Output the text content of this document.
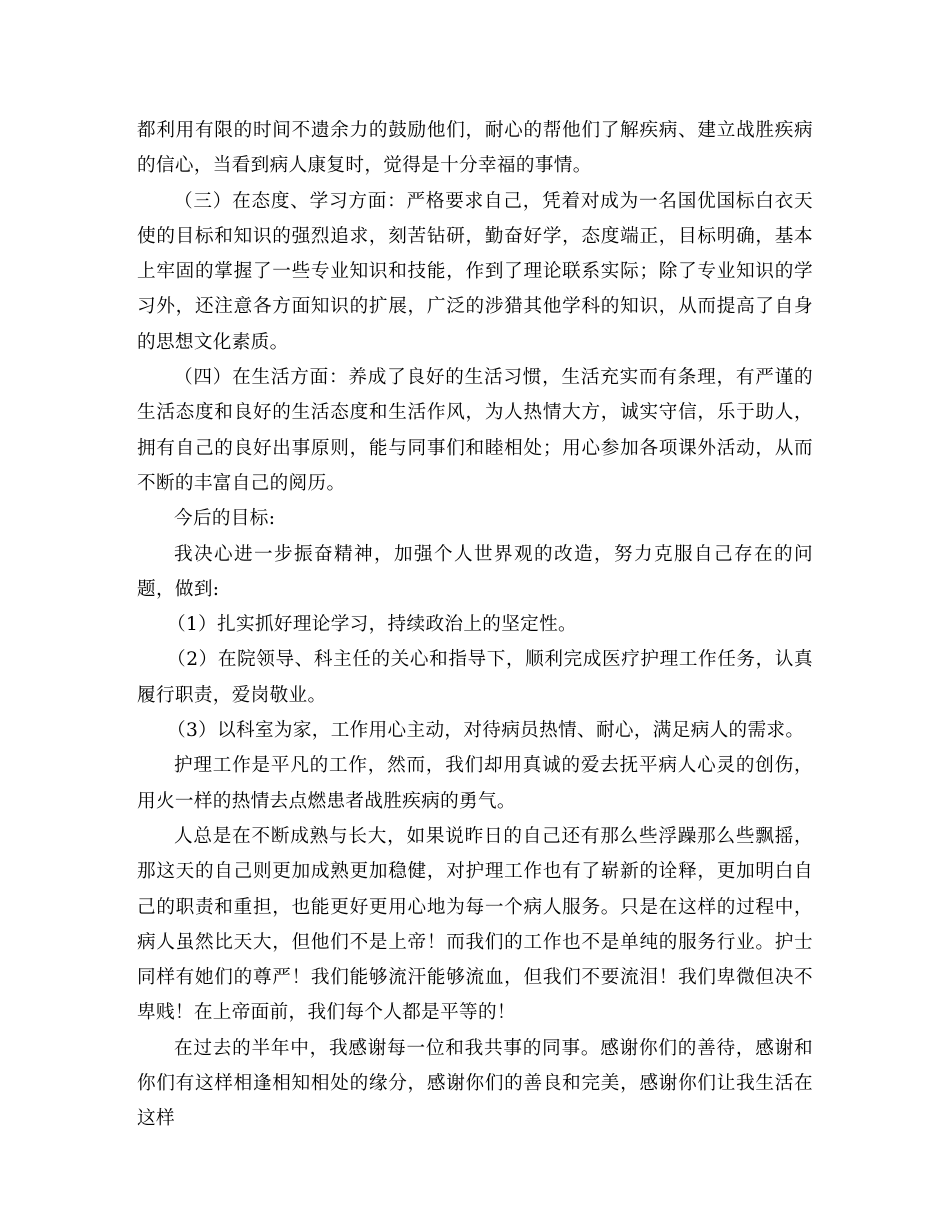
都利用有限的时间不遗余力的鼓励他们，耐心的帮他们了解疾病、建立战胜疾病的信心，当看到病人康复时，觉得是十分幸福的事情。

（三）在态度、学习方面：严格要求自己，凭着对成为一名国优国标白衣天使的目标和知识的强烈追求，刻苦钻研，勤奋好学，态度端正，目标明确，基本上牢固的掌握了一些专业知识和技能，作到了理论联系实际；除了专业知识的学习外，还注意各方面知识的扩展，广泛的涉猎其他学科的知识，从而提高了自身的思想文化素质。

（四）在生活方面：养成了良好的生活习惯，生活充实而有条理，有严谨的生活态度和良好的生活态度和生活作风，为人热情大方，诚实守信，乐于助人，拥有自己的良好出事原则，能与同事们和睦相处；用心参加各项课外活动，从而不断的丰富自己的阅历。

今后的目标:

我决心进一步振奋精神，加强个人世界观的改造，努力克服自己存在的问题，做到:

（1）扎实抓好理论学习，持续政治上的坚定性。

（2）在院领导、科主任的关心和指导下，顺利完成医疗护理工作任务，认真履行职责，爱岗敬业。

（3）以科室为家，工作用心主动，对待病员热情、耐心，满足病人的需求。

护理工作是平凡的工作，然而，我们却用真诚的爱去抚平病人心灵的创伤，用火一样的热情去点燃患者战胜疾病的勇气。

人总是在不断成熟与长大，如果说昨日的自己还有那么些浮躁那么些飘摇，那这天的自己则更加成熟更加稳健，对护理工作也有了崭新的诠释，更加明白自己的职责和重担，也能更好更用心地为每一个病人服务。只是在这样的过程中，病人虽然比天大，但他们不是上帝！而我们的工作也不是单纯的服务行业。护士同样有她们的尊严！我们能够流汗能够流血，但我们不要流泪！我们卑微但决不卑贱！在上帝面前，我们每个人都是平等的！

在过去的半年中，我感谢每一位和我共事的同事。感谢你们的善待，感谢和你们有这样相逢相知相处的缘分，感谢你们的善良和完美，感谢你们让我生活在这样
